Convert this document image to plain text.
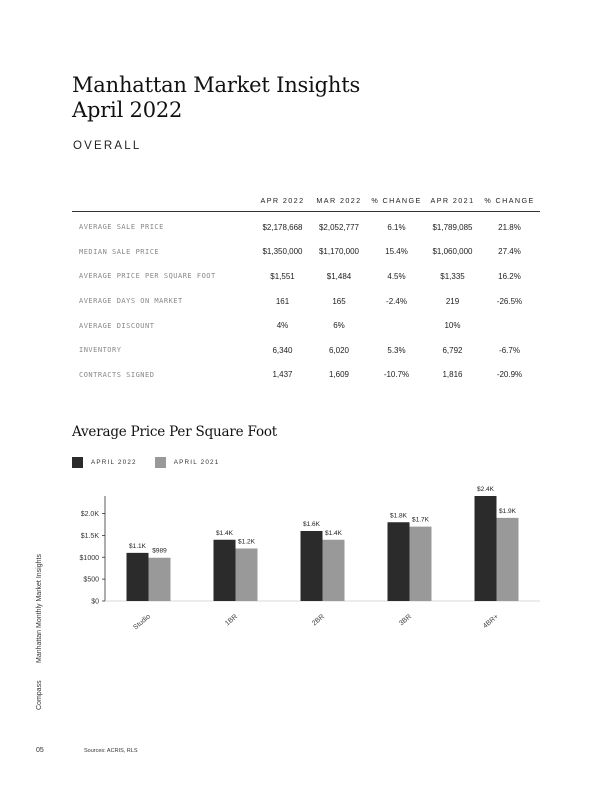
Manhattan Market Insights
April 2022
OVERALL
	APR 2022	MAR 2022	% CHANGE	APR 2021	% CHANGE
AVERAGE SALE PRICE	$2,178,668	$2,052,777	6.1%	$1,789,085	21.8%
MEDIAN SALE PRICE	$1,350,000	$1,170,000	15.4%	$1,060,000	27.4%
AVERAGE PRICE PER SQUARE FOOT	$1,551	$1,484	4.5%	$1,335	16.2%
AVERAGE DAYS ON MARKET	161	165	-2.4%	219	-26.5%
AVERAGE DISCOUNT	4%	6%		10%	
INVENTORY	6,340	6,020	5.3%	6,792	-6.7%
CONTRACTS SIGNED	1,437	1,609	-10.7%	1,816	-20.9%
Average Price Per Square Foot
APRIL 2022	APRIL 2021
$0
$500
$1000
$1.5K
$2.0K
$1.1K
$989
Studio
$1.4K
$1.2K
1BR
$1.6K
$1.4K
2BR
$1.8K
$1.7K
3BR
$2.4K
$1.9K
4BR+
Manhattan Monthly Market Insights
Compass
05	Sources: ACRIS, RLS
